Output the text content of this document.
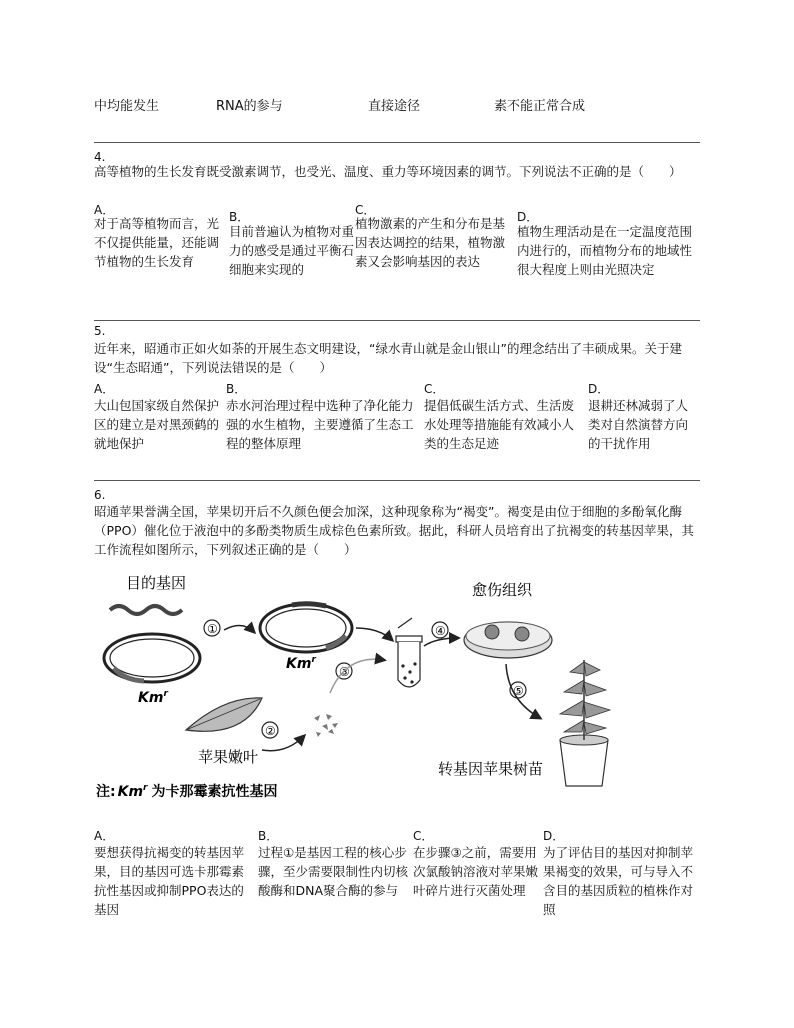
中均能发生	RNA的参与	直接途径	素不能正常合成
4.
高等植物的生长发育既受激素调节，也受光、温度、重力等环境因素的调节。下列说法不正确的是（　　）
A．
对于高等植物而言，光不仅提供能量，还能调节植物的生长发育
B．
目前普遍认为植物对重力的感受是通过平衡石细胞来实现的
C．
植物激素的产生和分布是基因表达调控的结果，植物激素又会影响基因的表达
D．
植物生理活动是在一定温度范围内进行的，而植物分布的地域性很大程度上则由光照决定
5.
近年来，昭通市正如火如荼的开展生态文明建设，“绿水青山就是金山银山”的理念结出了丰硕成果。关于建设“生态昭通”，下列说法错误的是（　　）
A．
大山包国家级自然保护区的建立是对黑颈鹤的就地保护
B．
赤水河治理过程中选种了净化能力强的水生植物，主要遵循了生态工程的整体原理
C．
提倡低碳生活方式、生活废水处理等措施能有效减小人类的生态足迹
D．
退耕还林减弱了人类对自然演替方向的干扰作用
6.
昭通苹果誉满全国，苹果切开后不久颜色便会加深，这种现象称为“褐变”。褐变是由位于细胞的多酚氧化酶（PPO）催化位于液泡中的多酚类物质生成棕色色素所致。据此，科研人员培育出了抗褐变的转基因苹果，其工作流程如图所示，下列叙述正确的是（　　）
目的基因
Km$^r$
①
Km$^r$
③
④
愈伤组织
⑤
转基因苹果树苗
苹果嫩叶
②
注: Km$^r$ 为卡那霉素抗性基因
A．
要想获得抗褐变的转基因苹果，目的基因可选卡那霉素抗性基因或抑制PPO表达的基因
B．
过程①是基因工程的核心步骤，至少需要限制性内切核酸酶和DNA聚合酶的参与
C．
在步骤③之前，需要用次氯酸钠溶液对苹果嫩叶碎片进行灭菌处理
D．
为了评估目的基因对抑制苹果褐变的效果，可与导入不含目的基因质粒的植株作对照
